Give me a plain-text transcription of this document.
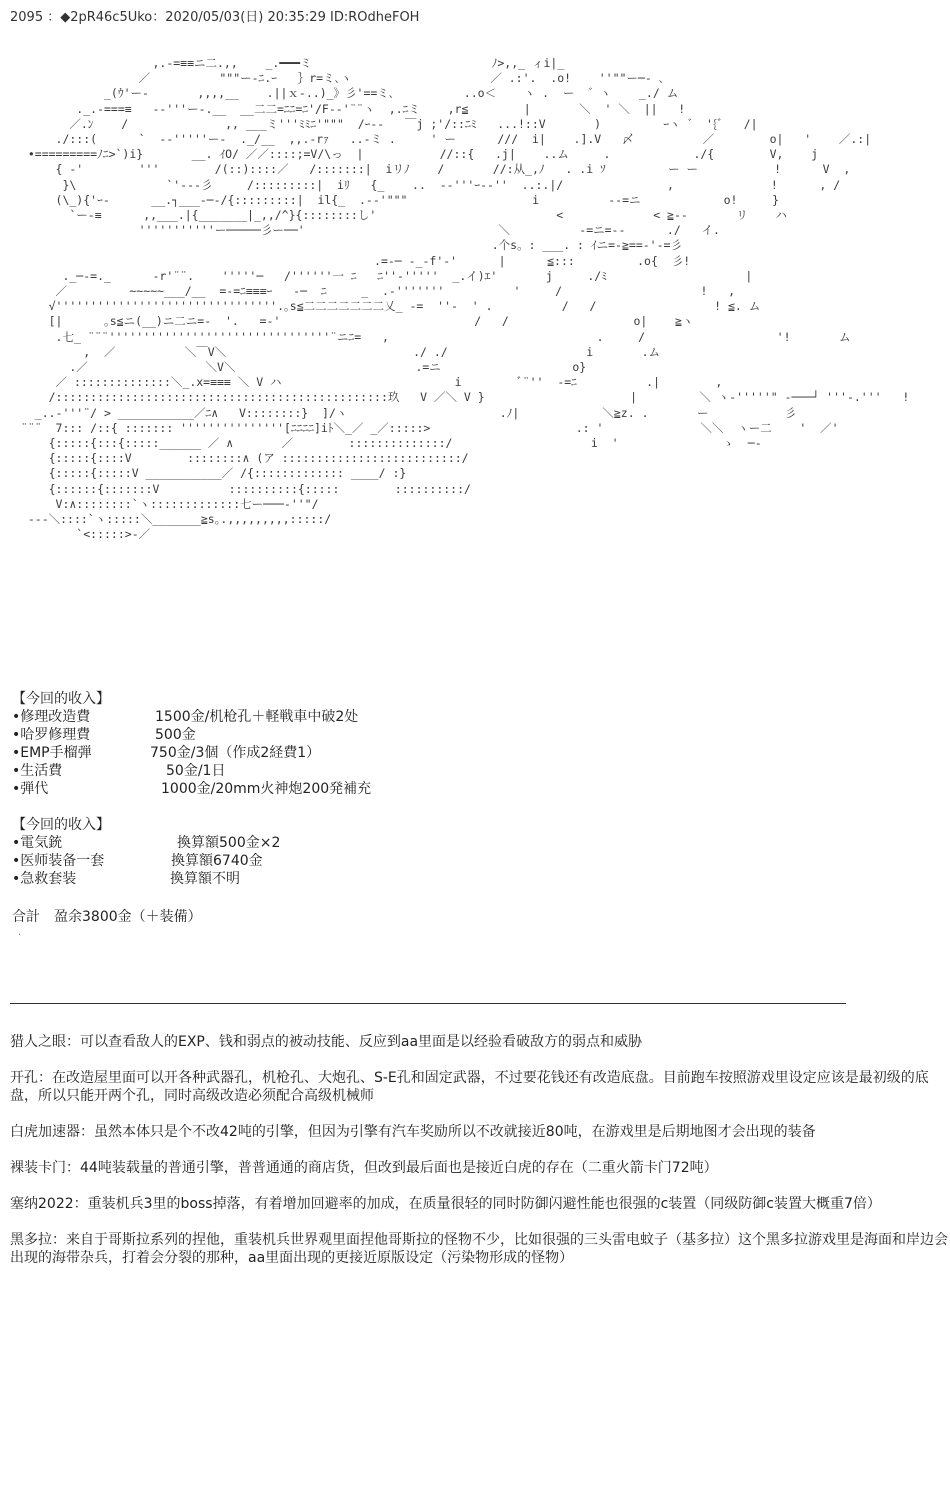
2095 ：◆2pR46c5Uko：2020/05/03(日) 20:35:29 ID:ROdheFOH
,.-=≡≡ニ二.,,    _.━━━ミ                          ﾉ>,,_ ィi|_
／          """ー‐ﾆ.ｰ   ｝r=ミ､ヽ                    ／ .:'.  .o!    ''""ー─- ､
_(ｳ'ー-       ,,,,__    .||ｘ-..)_》彡'==ミ､          ..o＜    ヽ .  ー  ゛ヽ    _./ ム
._.-===≡   -‐'''ー-.__  __二二=ﾆﾆ=ﾆ'/F-‐'¨¨ヽ  ,.ﾆミ    ,r≦        |       ＼  ' ＼  ||   !
／.ﾝ    /              ,, ___ミ'''ﾐﾐﾆ'"""  /ｰ-‐   ￣j ;'/::ﾆﾐ   ...!::V       )         ｰヽ ゛ '{ﾞ   /|
./:::(      `  -‐'''''ー-  ._/__  ,,.-rｧ   ..-ミ .     ' ー      ///  i|    .].V   〆          ／        o|   '    ／.:|
•=========ﾉﾆ>`)i}       __. ｲO/ ／／::::;=V/\っ  |           //::{   .j|    ..ム     .            ./{        V,    j
{ -'        '''        /(::)::::／   /:::::::|  iリﾉ    /       //:从_,ﾉ   . .i ｿ         ー ー           !      V  ,
}\             `'---彡     /:::::::::|  iﾘ   {_    ..  -‐'''ｰ-‐''  ..:.|/               ,              !      , /
(\_){'ｰ-      __.┐___‐─‐/{:::::::::|  il{_  .-‐'"""                  i          --=ニ            o!     }
`ー‐≡      ,,___.|{_______|_,,/^}{::::::::し'                          <             < ≧-‐       リ    ハ
'''''''''''ー─────彡ー──'                            ＼          ‐=ニ=--      ./   イ.
.个s。: ___. : ｲニ=-≧==‐'‐=彡
.=-─ -_‐f'‐'      |      ≦:::         .o{  彡!
._─‐=._      -r'¨¨.    '''''─   /''''''一 ﾆ   ﾆ''‐'''''  _.イ)ｴ'       j     ./ﾐ                    |
／         ~~~~~___/__  =-=ﾆ≡≡≡ｰ   -─  ﾆ     _  .‐'''''''          '     /                    !   ,
√''''''''''''''''''''''''''''''''.｡s≦二二二二二二二乂_ -=  ''-  ' .          /   /                 ! ≦. ム
[|      ｡s≦ニ(__)ニ二ニ=-  '.   =-'                            /   /                  o|    ≧ヽ
.七_ ¨¨¨''''''''''''''''''''''''''''''''¨ニﾆ=   ,                              .     /                   '!       ム
,  ／          ＼￣V＼                           ./ ./                    i       .ム
.／                 ＼V＼                          .=ニ                   o}
／ ::::::::::::::＼_.x=≡≡≡ ＼ V ハ                         i        ﾞ¨''  -=ﾆ          .|        ,
/::::::::::::::::::::::::::::::::::::::::::::::::玖   V ／＼ V }                     |         ＼ ヽ-'''''" ‐───┘ '''‐.'''   !
_..‐'''¨/ > ___________／ﾆ∧   V::::::::}  ]/ヽ                      .ﾉ|            ＼≧z. .       ー           彡
¨¨¨  7::: /::{ ::::::: '''''''''''''''[ﾆﾆﾆﾆ]iﾄ＼_／ _／:::::>                     .: '              ＼＼  ヽー二    '  ／'
{:::::{:::{:::::______ ／ ∧       ／        ::::::::::::::/                    i  '               ゝ  ─-
{:::::{::::V        ::::::::∧ (ア ::::::::::::::::::::::::::/
{:::::{:::::V ___________／ /{::::::::::::: ____/ :}
{::::::{:::::::V          ::::::::::{:::::        ::::::::::/
V:∧::::::::`ヽ:::::::::::::七ー───‐''"/
--‐＼::::`ヽ:::::＼_______≧s｡.,,,,,,,,,:::::/
`<:::::>-／
【今回的收入】
•修理改造費	1500金/机枪孔＋軽戦車中破2处
•哈罗修理費	500金
•EMP手榴弾	750金/3個（作成2経費1）
•生活費	50金/1日
•弾代	1000金/20mm火神炮200発補充
【今回的收入】
•電気銃	換算額500金×2
•医师装备一套	換算額6740金
•急救套装	換算額不明
合計　盈余3800金（＋装備）
·
猎人之眼：可以查看敌人的EXP、钱和弱点的被动技能、反应到aa里面是以经验看破敌方的弱点和威胁
开孔：在改造屋里面可以开各种武器孔，机枪孔、大炮孔、S-E孔和固定武器，不过要花钱还有改造底盘。目前跑车按照游戏里设定应该是最初级的底盘，所以只能开两个孔，同时高级改造必须配合高级机械师
白虎加速器：虽然本体只是个不改42吨的引擎，但因为引擎有汽车奖励所以不改就接近80吨，在游戏里是后期地图才会出现的装备
裸装卡门：44吨装载量的普通引擎，普普通通的商店货，但改到最后面也是接近白虎的存在（二重火箭卡门72吨）
塞纳2022：重装机兵3里的boss掉落，有着增加回避率的加成，在质量很轻的同时防御闪避性能也很强的c装置（同级防御c装置大概重7倍）
黑多拉：来自于哥斯拉系列的捏他，重装机兵世界观里面捏他哥斯拉的怪物不少，比如很强的三头雷电蚊子（基多拉）这个黑多拉游戏里是海面和岸边会出现的海带杂兵，打着会分裂的那种，aa里面出现的更接近原版设定（污染物形成的怪物）
